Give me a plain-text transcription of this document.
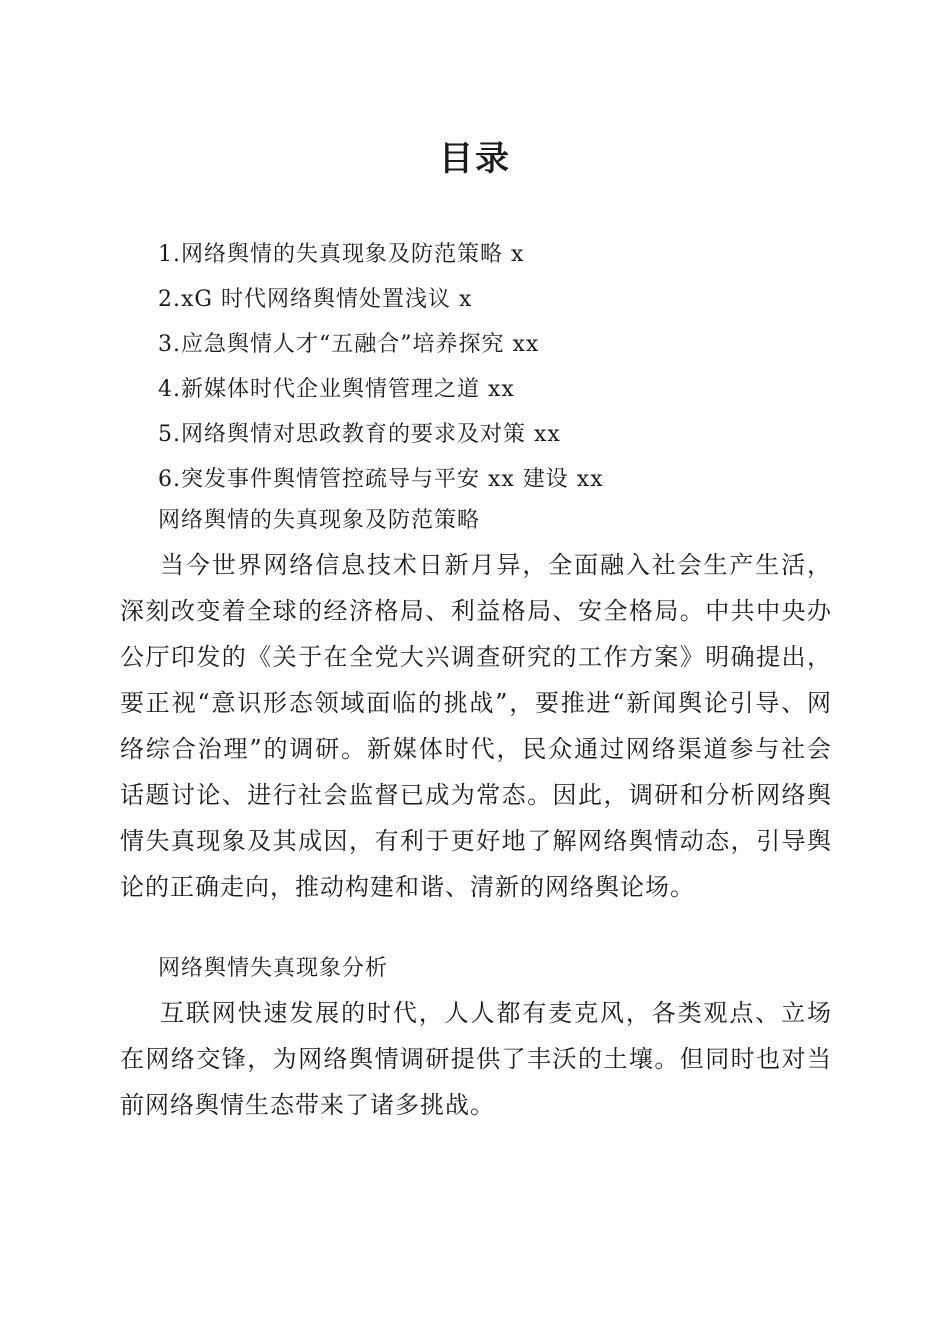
目录
1.网络舆情的失真现象及防范策略 x
2.xG 时代网络舆情处置浅议 x
3.应急舆情人才“五融合”培养探究 xx
4.新媒体时代企业舆情管理之道 xx
5.网络舆情对思政教育的要求及对策 xx
6.突发事件舆情管控疏导与平安 xx 建设 xx
网络舆情的失真现象及防范策略

当今世界网络信息技术日新月异，全面融入社会生产生活，深刻改变着全球的经济格局、利益格局、安全格局。中共中央办公厅印发的《关于在全党大兴调查研究的工作方案》明确提出，要正视“意识形态领域面临的挑战”，要推进“新闻舆论引导、网络综合治理”的调研。新媒体时代，民众通过网络渠道参与社会话题讨论、进行社会监督已成为常态。因此，调研和分析网络舆情失真现象及其成因，有利于更好地了解网络舆情动态，引导舆论的正确走向，推动构建和谐、清新的网络舆论场。

网络舆情失真现象分析

互联网快速发展的时代，人人都有麦克风，各类观点、立场在网络交锋，为网络舆情调研提供了丰沃的土壤。但同时也对当前网络舆情生态带来了诸多挑战。
